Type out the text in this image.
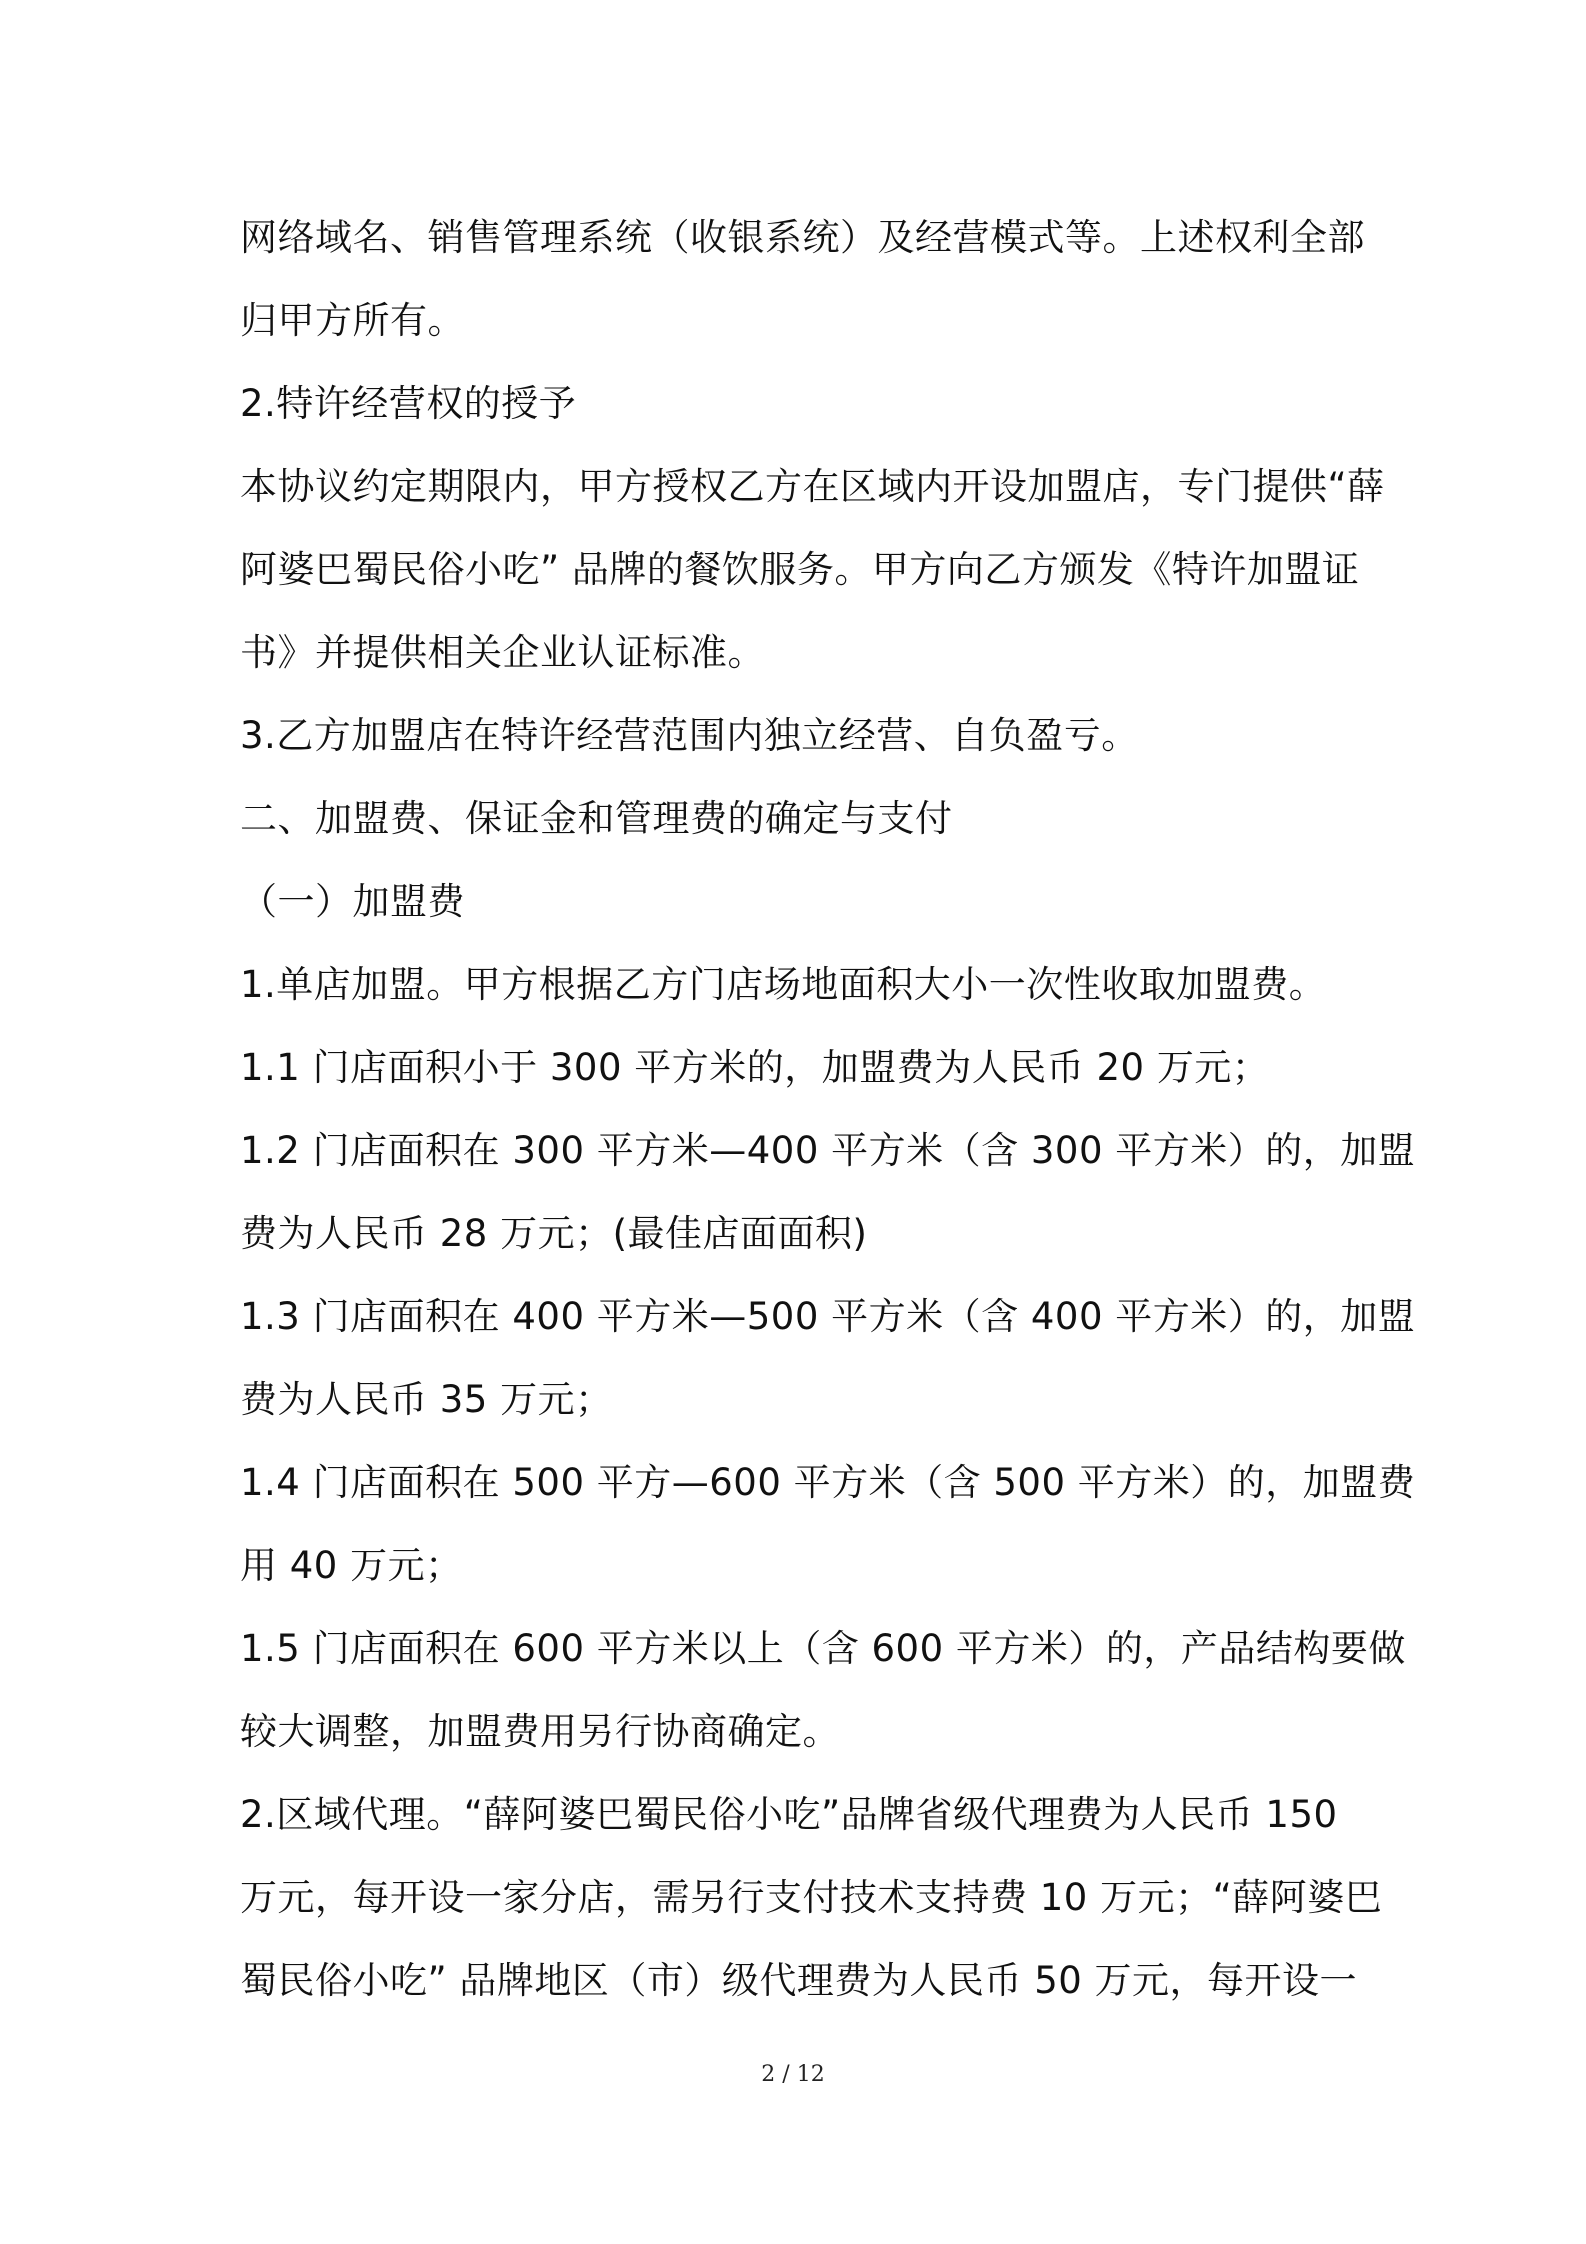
网络域名、销售管理系统（收银系统）及经营模式等。上述权利全部
归甲方所有。
2.特许经营权的授予
本协议约定期限内，甲方授权乙方在区域内开设加盟店，专门提供“薛
阿婆巴蜀民俗小吃” 品牌的餐饮服务。甲方向乙方颁发《特许加盟证
书》并提供相关企业认证标准。
3.乙方加盟店在特许经营范围内独立经营、自负盈亏。
二、加盟费、保证金和管理费的确定与支付
（一）加盟费
1.单店加盟。甲方根据乙方门店场地面积大小一次性收取加盟费。
1.1 门店面积小于 300 平方米的，加盟费为人民币 20 万元；
1.2 门店面积在 300 平方米—400 平方米（含 300 平方米）的，加盟
费为人民币 28 万元；(最佳店面面积)
1.3 门店面积在 400 平方米—500 平方米（含 400 平方米）的，加盟
费为人民币 35 万元；
1.4 门店面积在 500 平方—600 平方米（含 500 平方米）的，加盟费
用 40 万元；
1.5 门店面积在 600 平方米以上（含 600 平方米）的，产品结构要做
较大调整，加盟费用另行协商确定。
2.区域代理。“薛阿婆巴蜀民俗小吃”品牌省级代理费为人民币 150
万元，每开设一家分店，需另行支付技术支持费 10 万元；“薛阿婆巴
蜀民俗小吃” 品牌地区（市）级代理费为人民币 50 万元，每开设一
2 / 12
